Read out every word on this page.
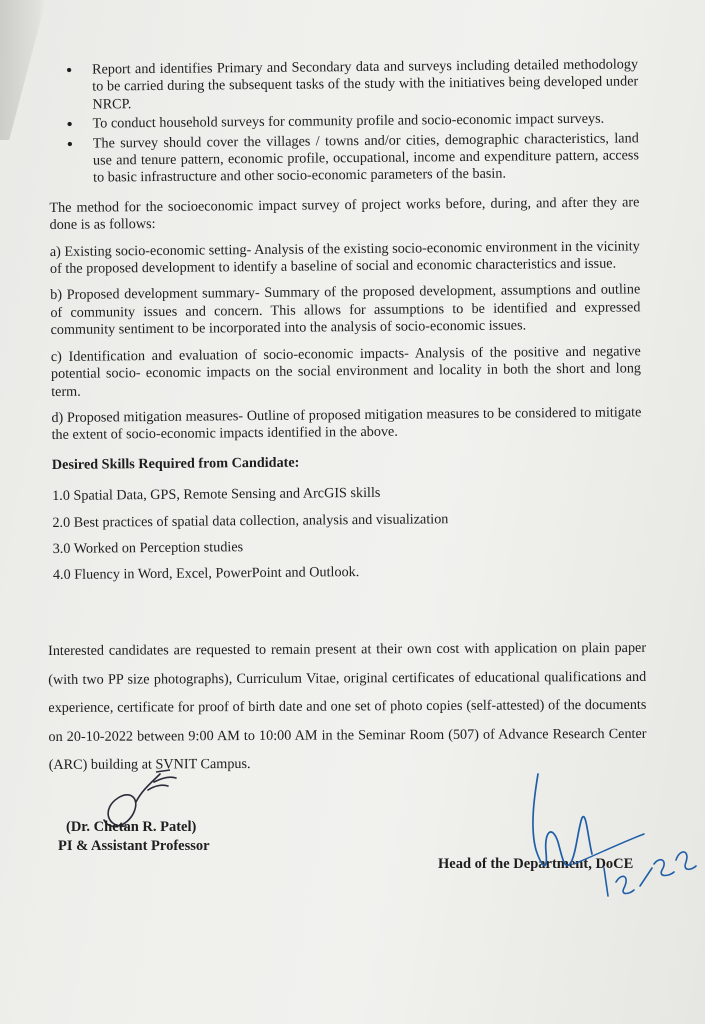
● Report and identifies Primary and Secondary data and surveys including detailed methodology to be carried during the subsequent tasks of the study with the initiatives being developed under NRCP.
● To conduct household surveys for community profile and socio-economic impact surveys.
● The survey should cover the villages / towns and/or cities, demographic characteristics, land use and tenure pattern, economic profile, occupational, income and expenditure pattern, access to basic infrastructure and other socio-economic parameters of the basin.

The method for the socioeconomic impact survey of project works before, during, and after they are done is as follows:

a) Existing socio-economic setting- Analysis of the existing socio-economic environment in the vicinity of the proposed development to identify a baseline of social and economic characteristics and issue.

b) Proposed development summary- Summary of the proposed development, assumptions and outline of community issues and concern. This allows for assumptions to be identified and expressed community sentiment to be incorporated into the analysis of socio-economic issues.

c) Identification and evaluation of socio-economic impacts- Analysis of the positive and negative potential socio- economic impacts on the social environment and locality in both the short and long term.

d) Proposed mitigation measures- Outline of proposed mitigation measures to be considered to mitigate the extent of socio-economic impacts identified in the above.

Desired Skills Required from Candidate:
1.0 Spatial Data, GPS, Remote Sensing and ArcGIS skills
2.0 Best practices of spatial data collection, analysis and visualization
3.0 Worked on Perception studies
4.0 Fluency in Word, Excel, PowerPoint and Outlook.
Interested candidates are requested to remain present at their own cost with application on plain paper (with two PP size photographs), Curriculum Vitae, original certificates of educational qualifications and experience, certificate for proof of birth date and one set of photo copies (self-attested) of the documents on 20-10-2022 between 9:00 AM to 10:00 AM in the Seminar Room (507) of Advance Research Center (ARC) building at SVNIT Campus.
(Dr. Chetan R. Patel)
PI & Assistant Professor
Head of the Department, DoCE
